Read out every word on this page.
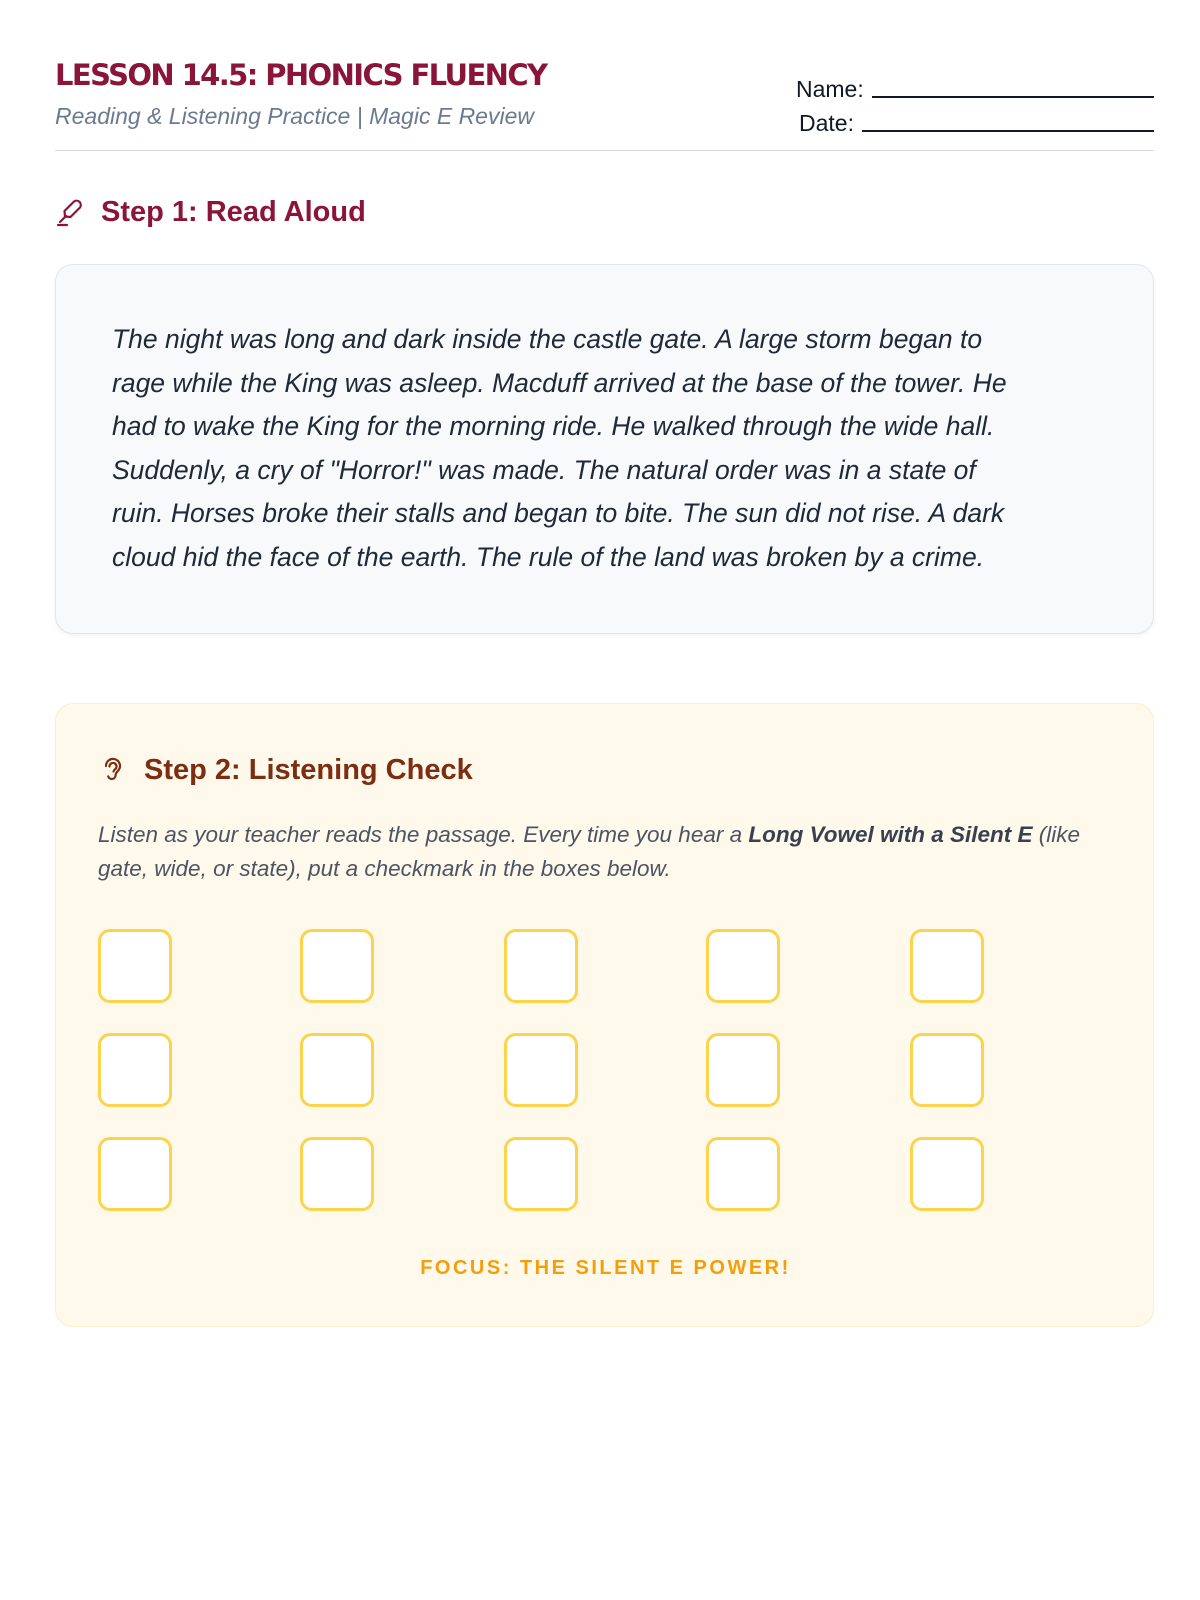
LESSON 14.5: PHONICS FLUENCY
Reading & Listening Practice | Magic E Review
Name:
Date:
Step 1: Read Aloud

The night was long and dark inside the castle gate. A large storm began to
rage while the King was asleep. Macduff arrived at the base of the tower. He
had to wake the King for the morning ride. He walked through the wide hall.
Suddenly, a cry of "Horror!" was made. The natural order was in a state of
ruin. Horses broke their stalls and began to bite. The sun did not rise. A dark
cloud hid the face of the earth. The rule of the land was broken by a crime.

Step 2: Listening Check

Listen as your teacher reads the passage. Every time you hear a Long Vowel with a Silent E (like gate, wide, or state), put a checkmark in the boxes below.

FOCUS: THE SILENT E POWER!
